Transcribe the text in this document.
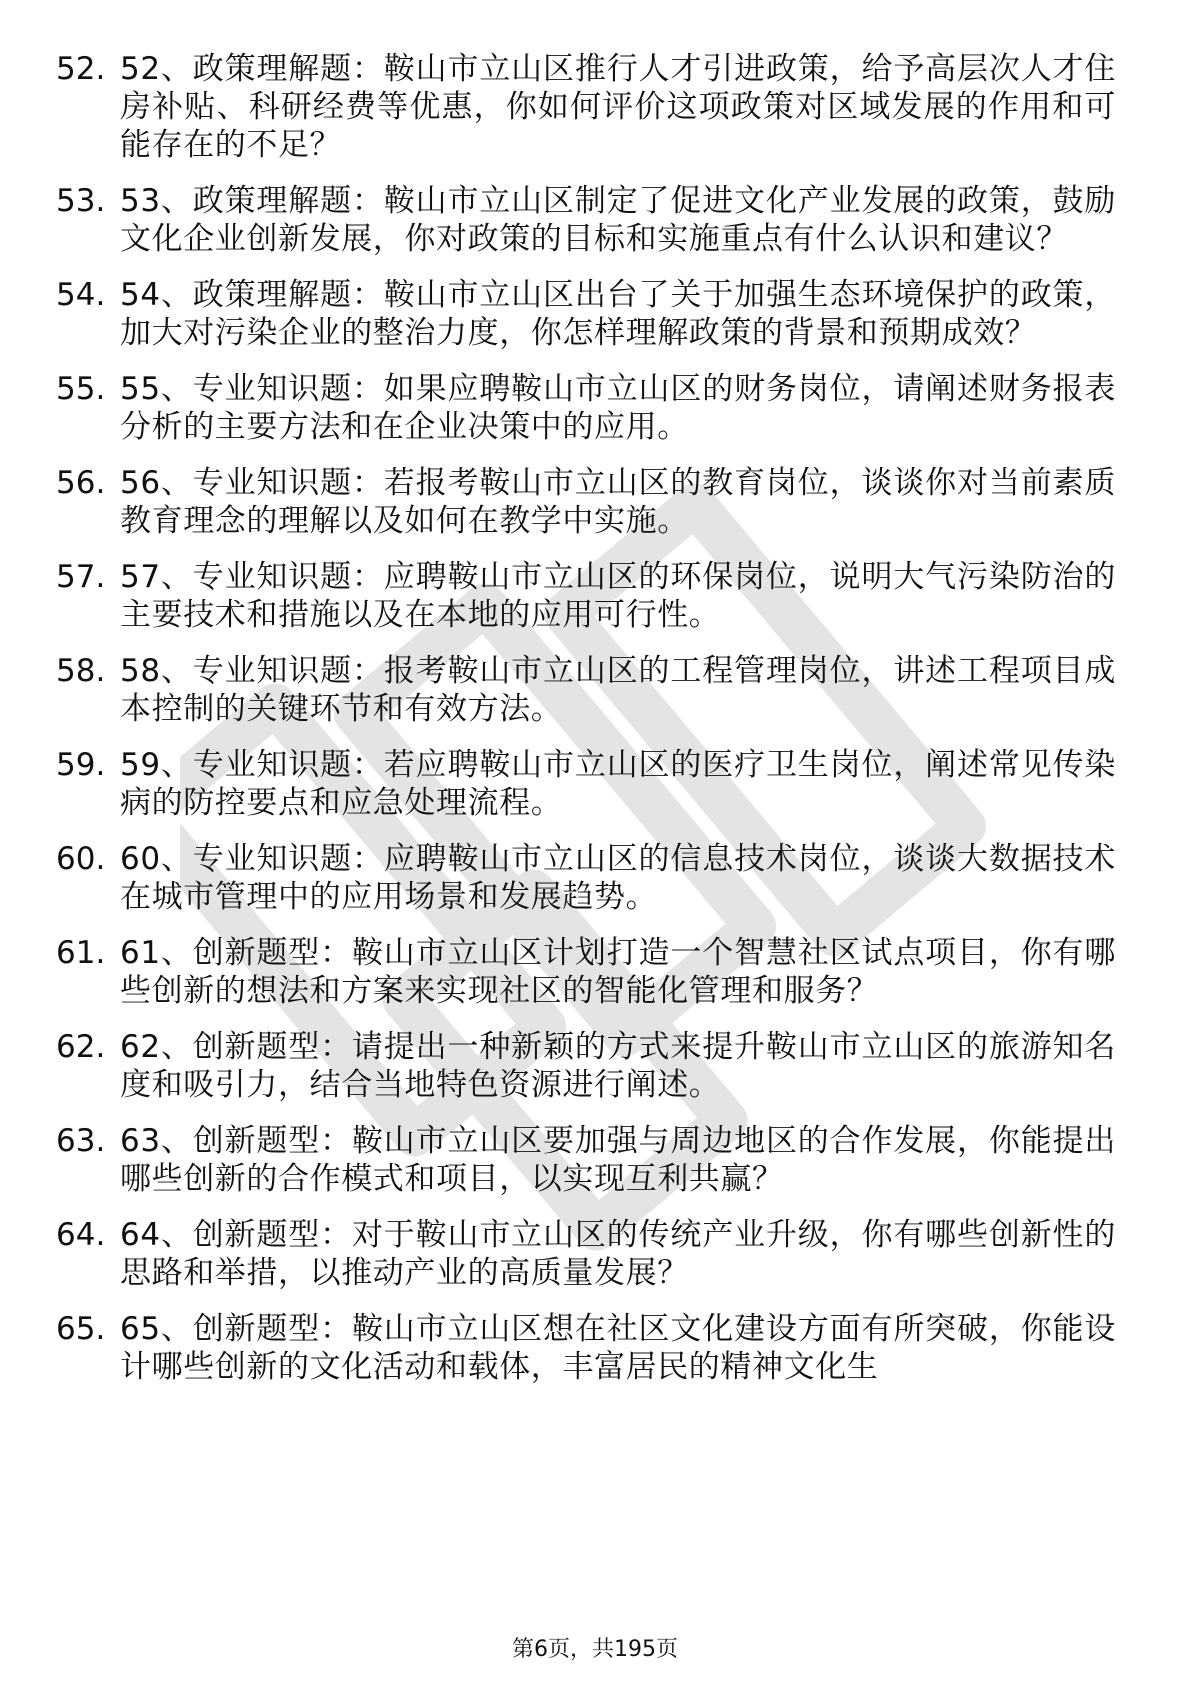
52. 52、政策理解题：鞍山市立山区推行人才引进政策，给予高层次人才住房补贴、科研经费等优惠，你如何评价这项政策对区域发展的作用和可能存在的不足？
53. 53、政策理解题：鞍山市立山区制定了促进文化产业发展的政策，鼓励文化企业创新发展，你对政策的目标和实施重点有什么认识和建议？
54. 54、政策理解题：鞍山市立山区出台了关于加强生态环境保护的政策，加大对污染企业的整治力度，你怎样理解政策的背景和预期成效？
55. 55、专业知识题：如果应聘鞍山市立山区的财务岗位，请阐述财务报表分析的主要方法和在企业决策中的应用。
56. 56、专业知识题：若报考鞍山市立山区的教育岗位，谈谈你对当前素质教育理念的理解以及如何在教学中实施。
57. 57、专业知识题：应聘鞍山市立山区的环保岗位，说明大气污染防治的主要技术和措施以及在本地的应用可行性。
58. 58、专业知识题：报考鞍山市立山区的工程管理岗位，讲述工程项目成本控制的关键环节和有效方法。
59. 59、专业知识题：若应聘鞍山市立山区的医疗卫生岗位，阐述常见传染病的防控要点和应急处理流程。
60. 60、专业知识题：应聘鞍山市立山区的信息技术岗位，谈谈大数据技术在城市管理中的应用场景和发展趋势。
61. 61、创新题型：鞍山市立山区计划打造一个智慧社区试点项目，你有哪些创新的想法和方案来实现社区的智能化管理和服务？
62. 62、创新题型：请提出一种新颖的方式来提升鞍山市立山区的旅游知名度和吸引力，结合当地特色资源进行阐述。
63. 63、创新题型：鞍山市立山区要加强与周边地区的合作发展，你能提出哪些创新的合作模式和项目，以实现互利共赢？
64. 64、创新题型：对于鞍山市立山区的传统产业升级，你有哪些创新性的思路和举措，以推动产业的高质量发展？
65. 65、创新题型：鞍山市立山区想在社区文化建设方面有所突破，你能设计哪些创新的文化活动和载体，丰富居民的精神文化生
第6页，共195页
